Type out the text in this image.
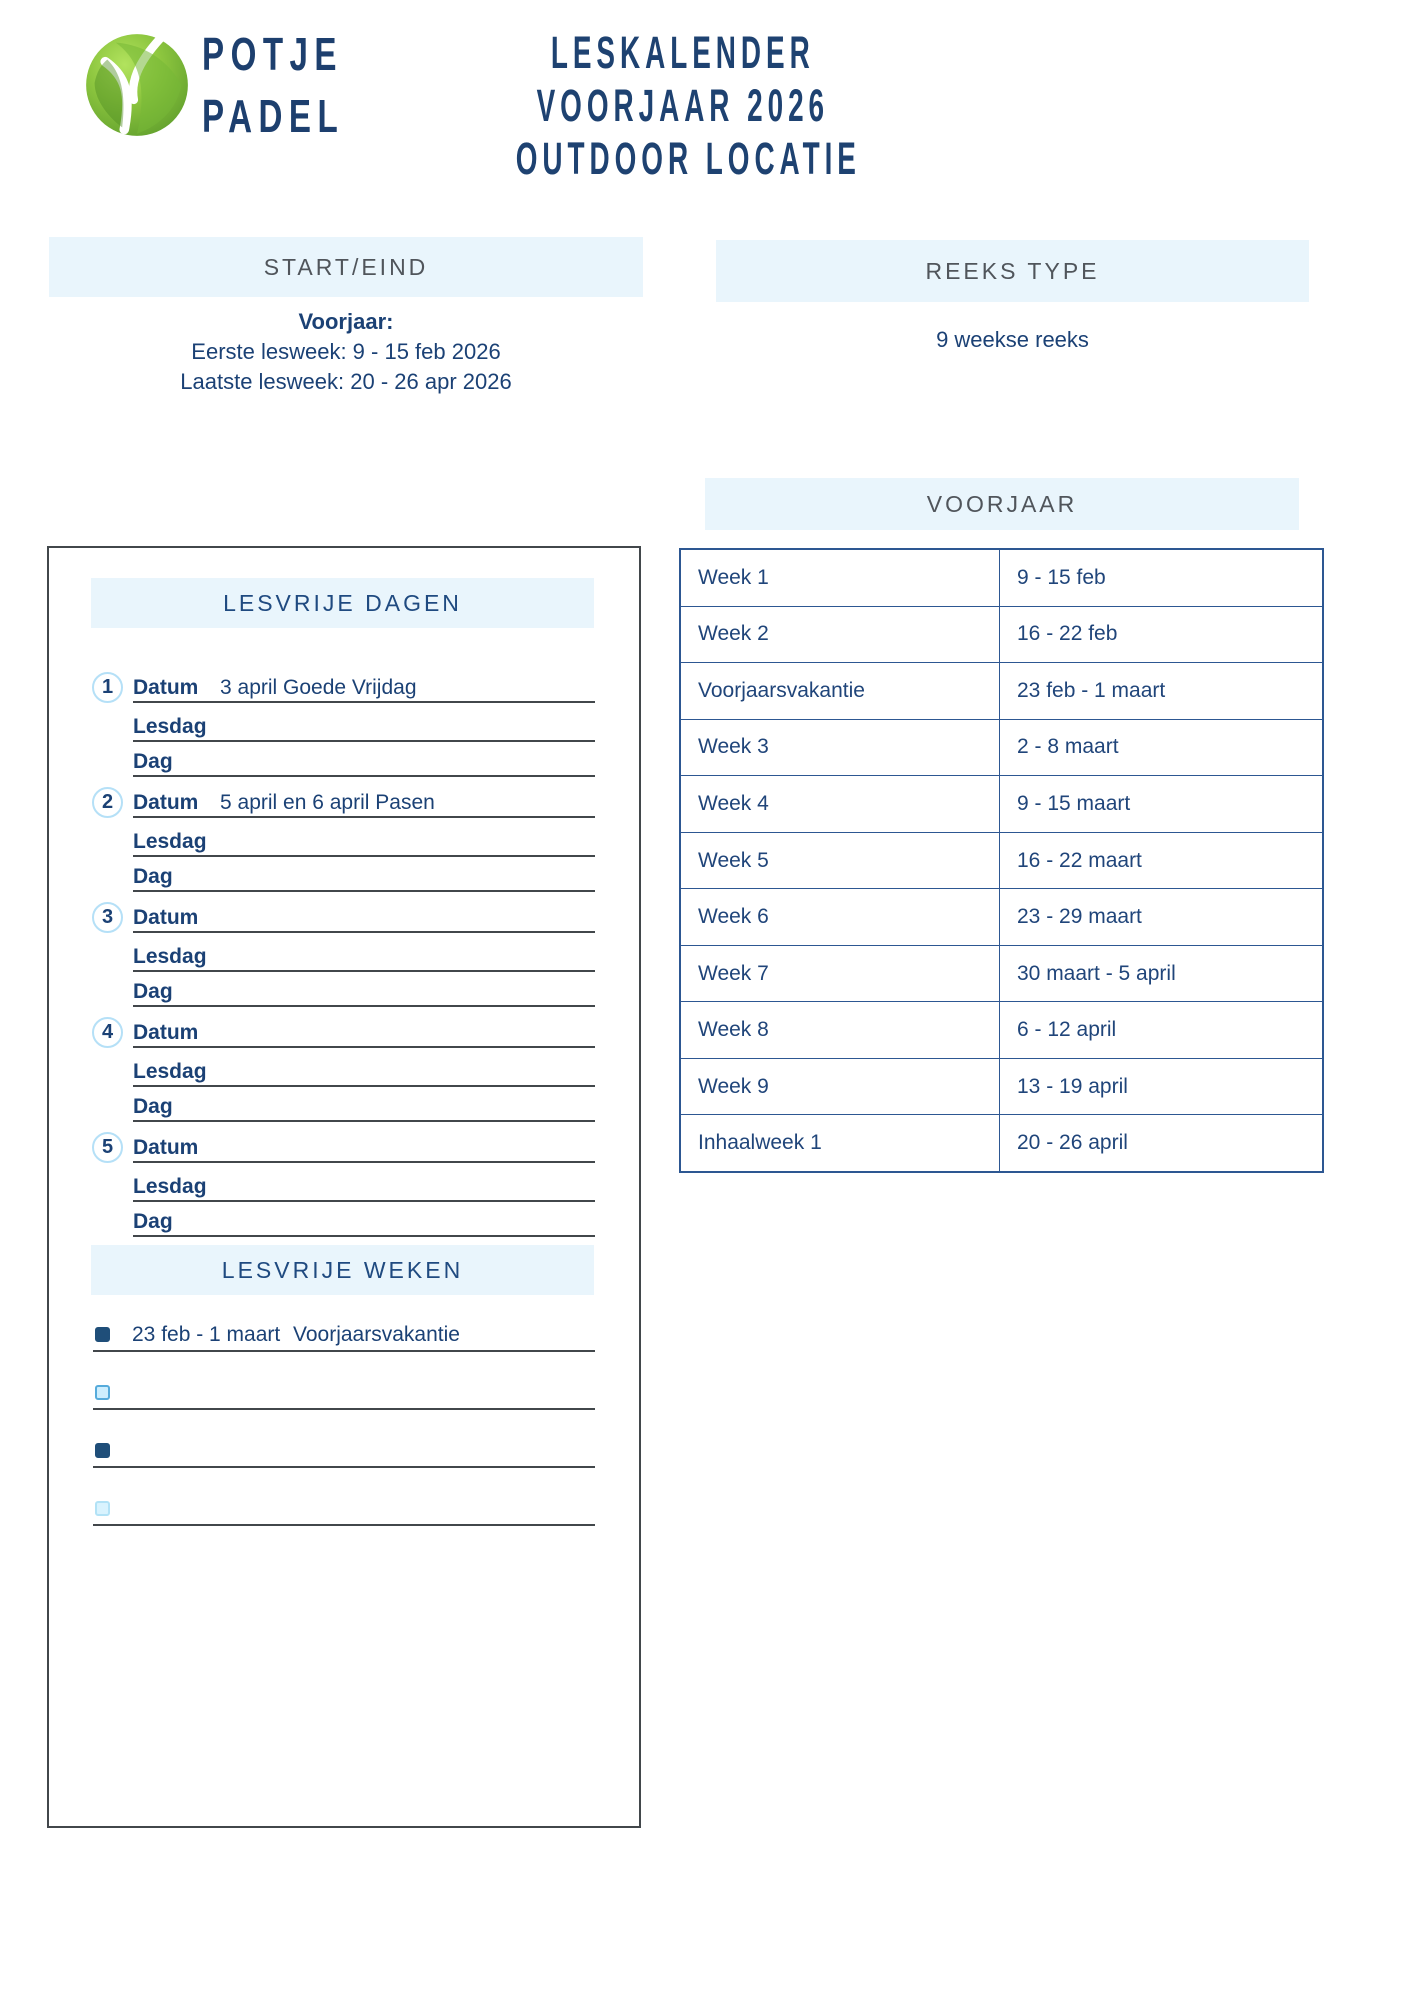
POTJE
PADEL
LESKALENDER
VOORJAAR 2026
OUTDOOR LOCATIE
START/EIND
Voorjaar:
Eerste lesweek: 9 - 15 feb 2026
Laatste lesweek: 20 - 26 apr 2026
REEKS TYPE
9 weekse reeks
VOORJAAR
Week 1	9 - 15 feb
Week 2	16 - 22 feb
Voorjaarsvakantie	23 feb - 1 maart
Week 3	2 - 8 maart
Week 4	9 - 15 maart
Week 5	16 - 22 maart
Week 6	23 - 29 maart
Week 7	30 maart - 5 april
Week 8	6 - 12 april
Week 9	13 - 19 april
Inhaalweek 1	20 - 26 april
LESVRIJE DAGEN
1 Datum 3 april Goede Vrijdag
Lesdag
Dag
2 Datum 5 april en 6 april Pasen
Lesdag
Dag
3 Datum
Lesdag
Dag
4 Datum
Lesdag
Dag
5 Datum
Lesdag
Dag
LESVRIJE WEKEN
23 feb - 1 maart Voorjaarsvakantie
